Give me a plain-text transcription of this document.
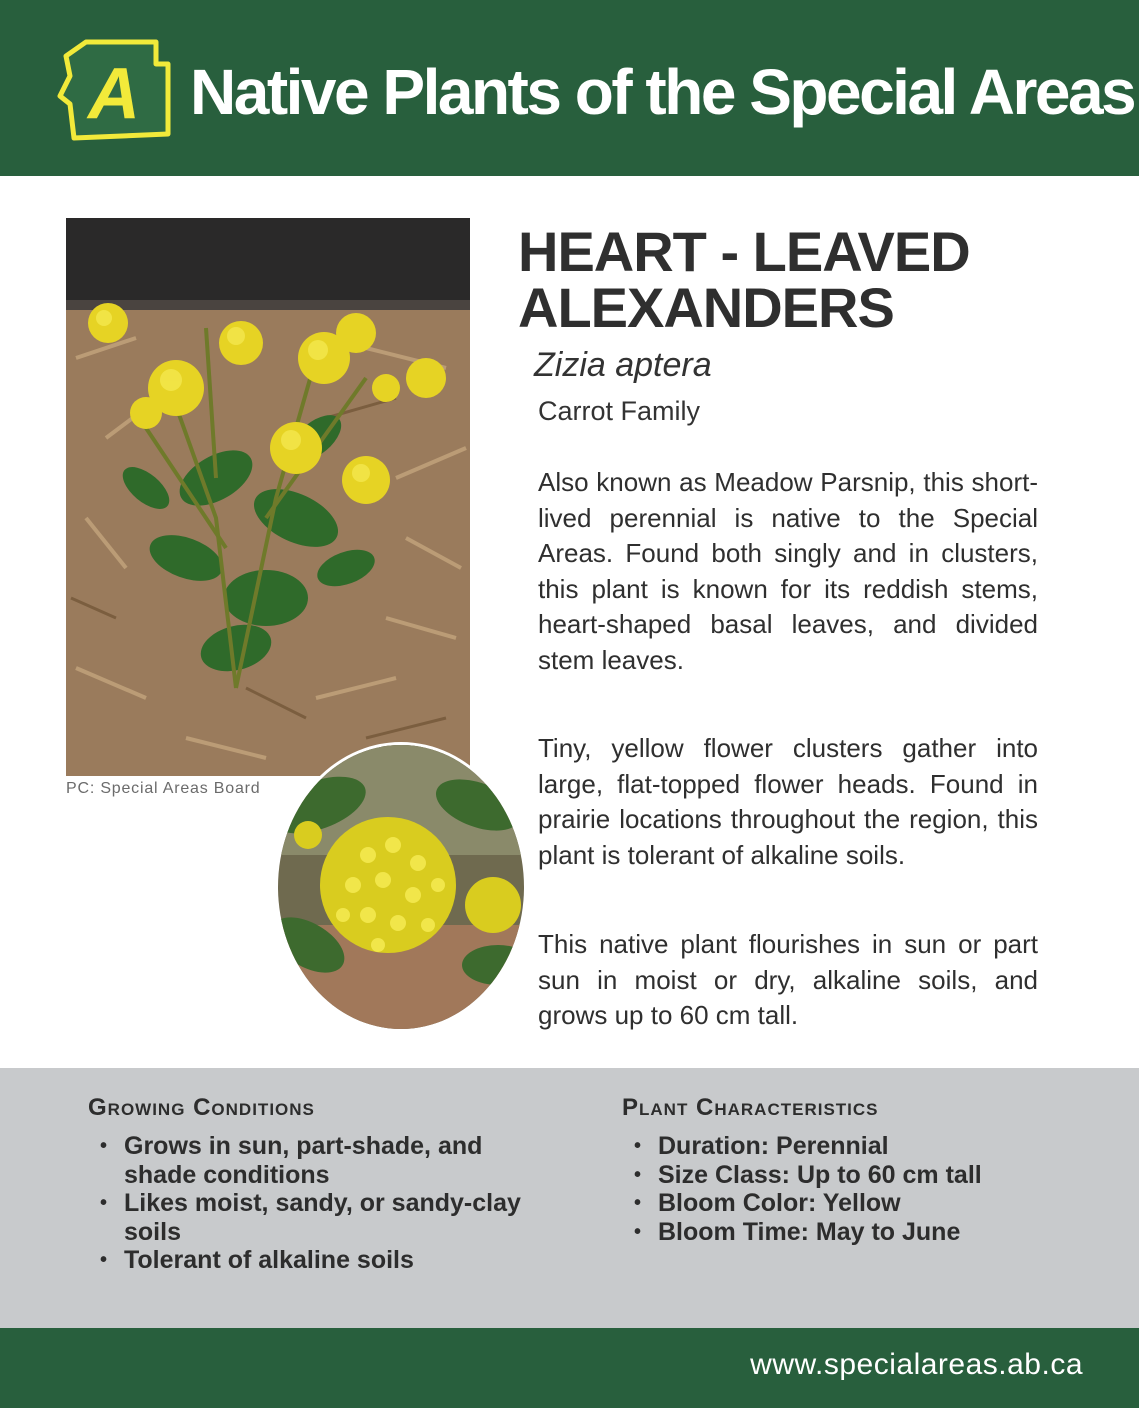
A Native Plants of the Special Areas
PC: Special Areas Board
HEART - LEAVED
ALEXANDERS
Zizia aptera
Carrot Family

Also known as Meadow Parsnip, this short-lived perennial is native to the Special Areas. Found both singly and in clusters, this plant is known for its reddish stems, heart-shaped basal leaves, and divided stem leaves.

Tiny, yellow flower clusters gather into large, flat-topped flower heads. Found in prairie locations throughout the region, this plant is tolerant of alkaline soils.

This native plant flourishes in sun or part sun in moist or dry, alkaline soils, and grows up to 60 cm tall.

Growing Conditions
• Grows in sun, part-shade, and shade conditions
• Likes moist, sandy, or sandy-clay soils
• Tolerant of alkaline soils
Plant Characteristics
• Duration: Perennial
• Size Class: Up to 60 cm tall
• Bloom Color: Yellow
• Bloom Time: May to June
www.specialareas.ab.ca
